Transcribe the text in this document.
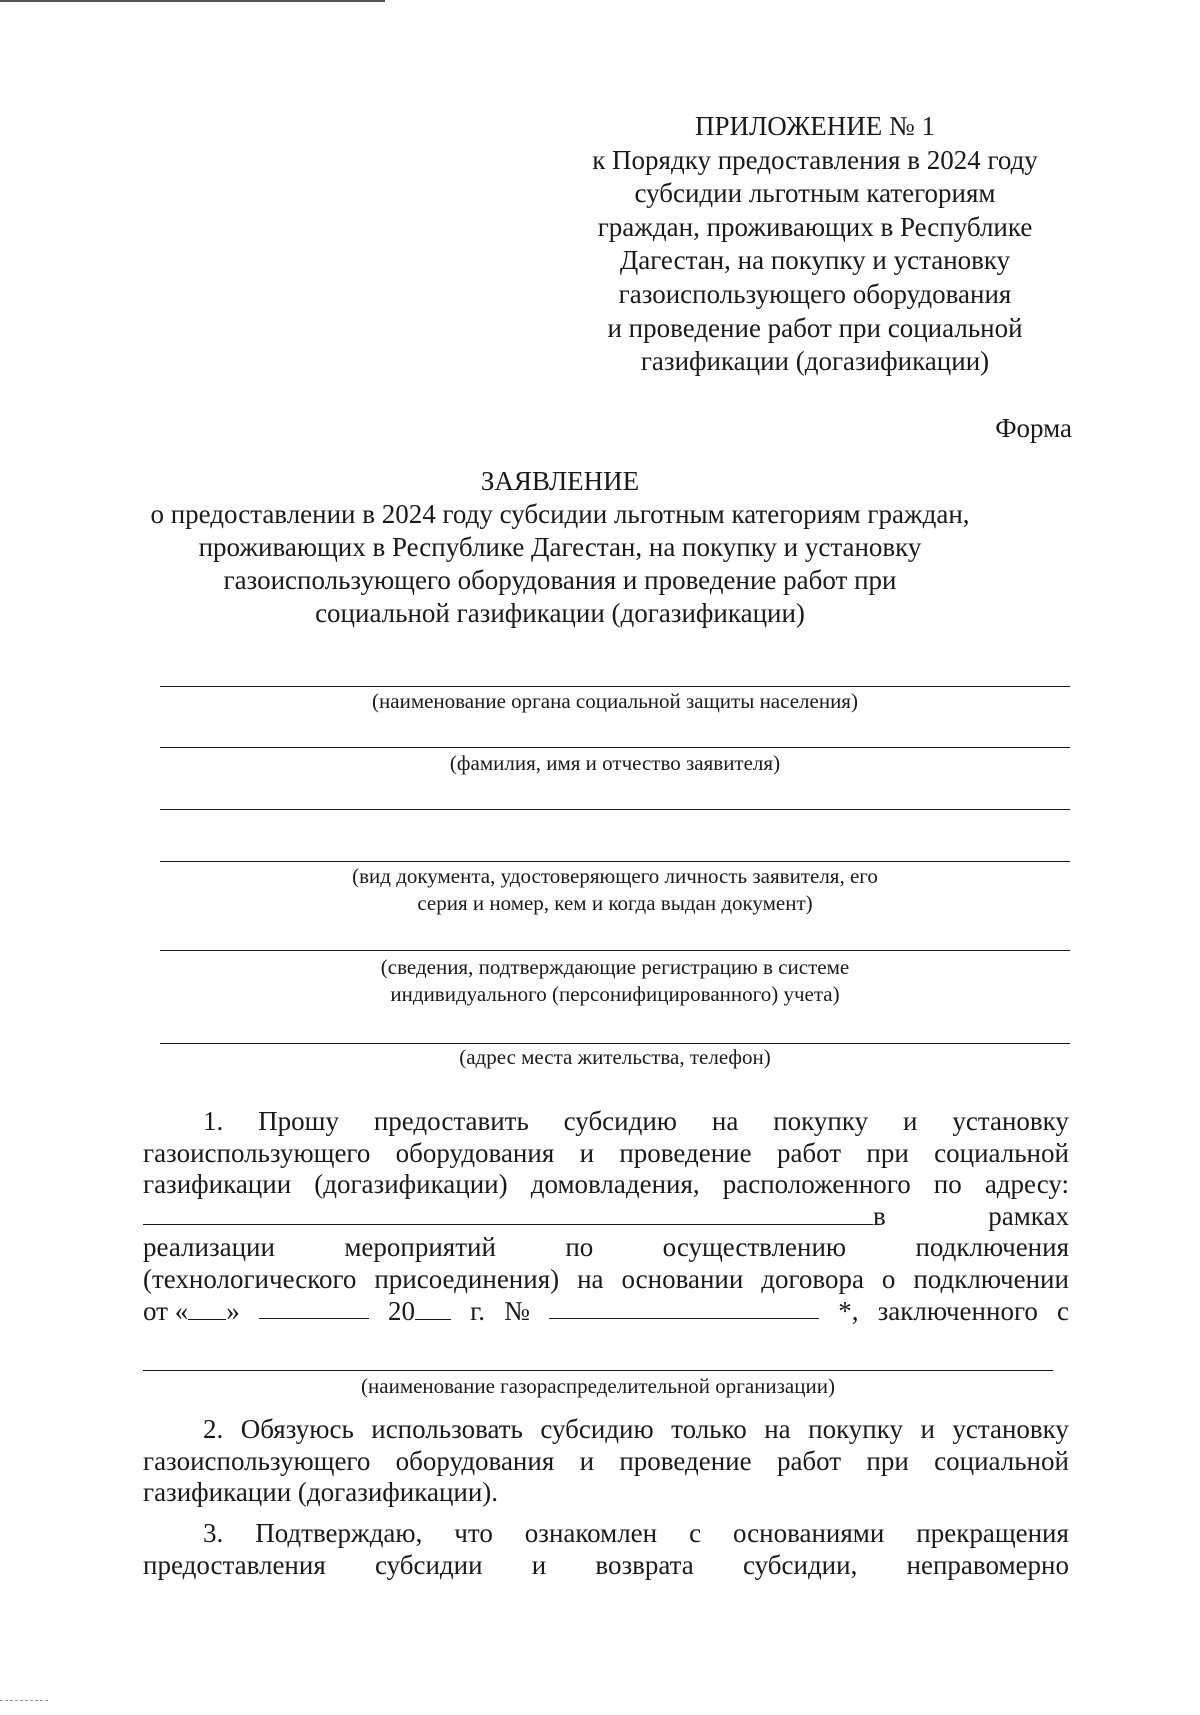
ПРИЛОЖЕНИЕ № 1
к Порядку предоставления в 2024 году
субсидии льготным категориям
граждан, проживающих в Республике
Дагестан, на покупку и установку
газоиспользующего оборудования
и проведение работ при социальной
газификации (догазификации)
Форма
ЗАЯВЛЕНИЕ
о предоставлении в 2024 году субсидии льготным категориям граждан,
проживающих в Республике Дагестан, на покупку и установку
газоиспользующего оборудования и проведение работ при
социальной газификации (догазификации)
(наименование органа социальной защиты населения)
(фамилия, имя и отчество заявителя)
(вид документа, удостоверяющего личность заявителя, его
серия и номер, кем и когда выдан документ)
(сведения, подтверждающие регистрацию в системе
индивидуального (персонифицированного) учета)
(адрес места жительства, телефон)
1. Прошу предоставить субсидию на покупку и установку
газоиспользующего оборудования и проведение работ при социальной
газификации (догазификации) домовладения, расположенного по адресу:
в	рамках
реализации	мероприятий	по	осуществлению	подключения
(технологического присоединения) на основании договора о подключении
от « »	20	г. №	*, заключенного с
(наименование газораспределительной организации)
2. Обязуюсь использовать субсидию только на покупку и установку
газоиспользующего оборудования и проведение работ при социальной
газификации (догазификации).
3. Подтверждаю, что ознакомлен с основаниями прекращения
предоставления субсидии и возврата субсидии, неправомерно
